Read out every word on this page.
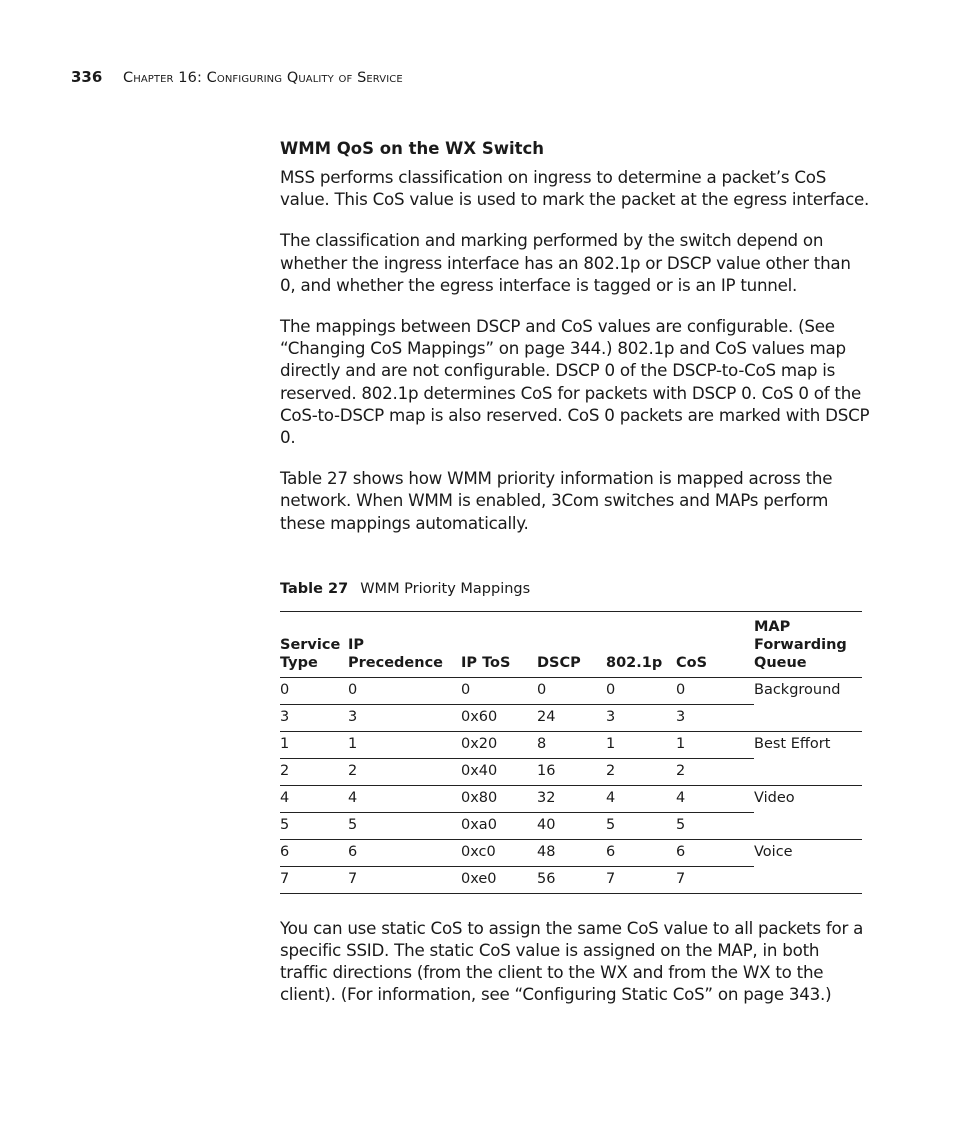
336 Chapter 16: Configuring Quality of Service
WMM QoS on the WX Switch

MSS performs classification on ingress to determine a packet’s CoS value. This CoS value is used to mark the packet at the egress interface.

The classification and marking performed by the switch depend on whether the ingress interface has an 802.1p or DSCP value other than 0, and whether the egress interface is tagged or is an IP tunnel.

The mappings between DSCP and CoS values are configurable. (See “Changing CoS Mappings” on page 344.) 802.1p and CoS values map directly and are not configurable. DSCP 0 of the DSCP-to-CoS map is reserved. 802.1p determines CoS for packets with DSCP 0. CoS 0 of the CoS-to-DSCP map is also reserved. CoS 0 packets are marked with DSCP 0.

Table 27 shows how WMM priority information is mapped across the network. When WMM is enabled, 3Com switches and MAPs perform these mappings automatically.

Table 27 WMM Priority Mappings
Service Type	IP Precedence	IP ToS	DSCP	802.1p	CoS	MAP Forwarding Queue
0	0	0	0	0	0	Background
3	3	0x60	24	3	3	
1	1	0x20	8	1	1	Best Effort
2	2	0x40	16	2	2	
4	4	0x80	32	4	4	Video
5	5	0xa0	40	5	5	
6	6	0xc0	48	6	6	Voice
7	7	0xe0	56	7	7	

You can use static CoS to assign the same CoS value to all packets for a specific SSID. The static CoS value is assigned on the MAP, in both traffic directions (from the client to the WX and from the WX to the client). (For information, see “Configuring Static CoS” on page 343.)
